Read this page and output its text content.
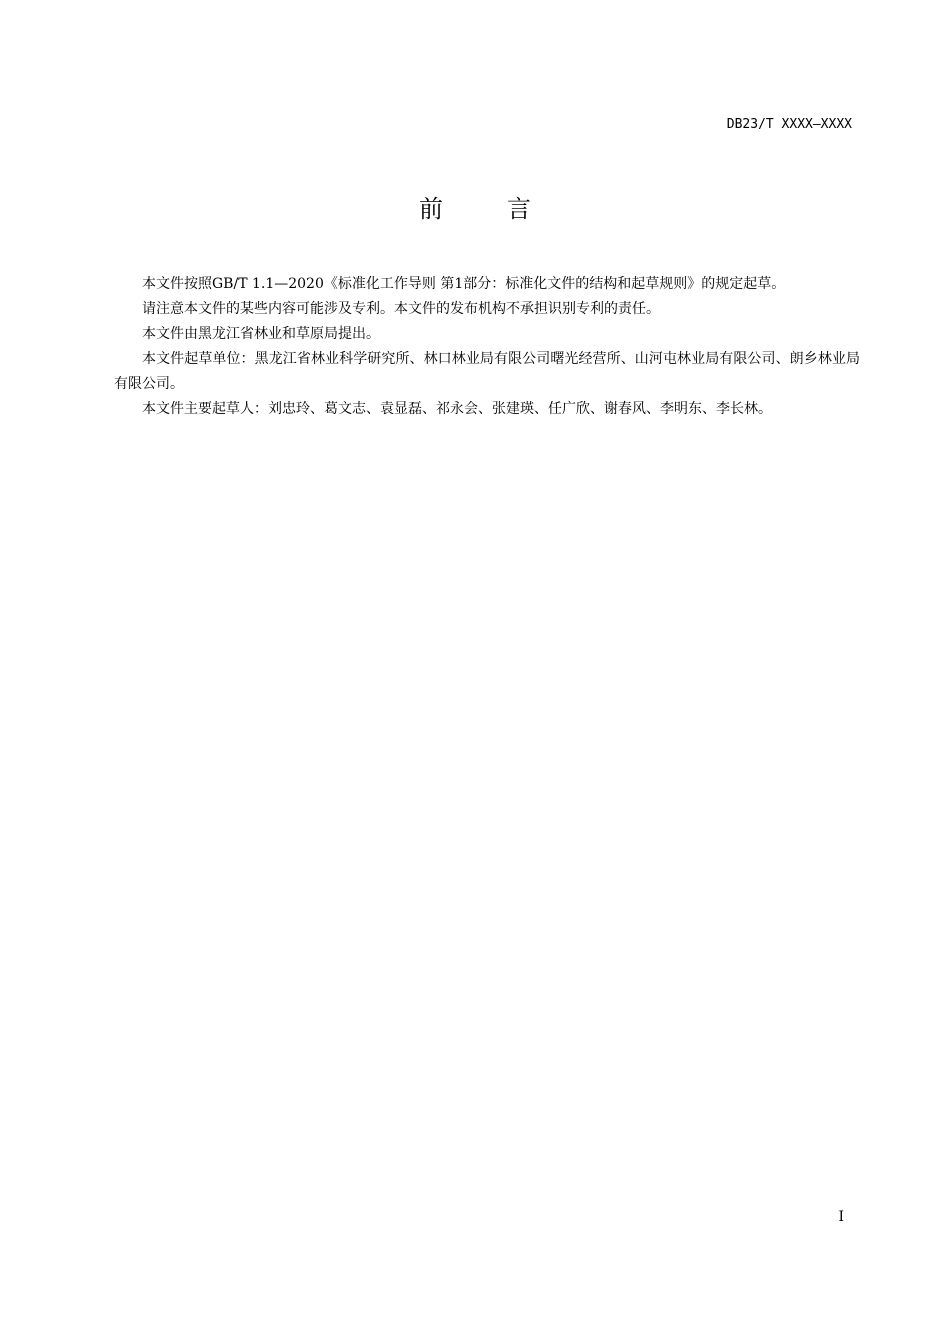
DB23/T XXXX—XXXX
前言

本文件按照GB/T 1.1—2020《标准化工作导则 第1部分：标准化文件的结构和起草规则》的规定起草。

请注意本文件的某些内容可能涉及专利。本文件的发布机构不承担识别专利的责任。

本文件由黑龙江省林业和草原局提出。

本文件起草单位：黑龙江省林业科学研究所、林口林业局有限公司曙光经营所、山河屯林业局有限公司、朗乡林业局有限公司。

本文件主要起草人：刘忠玲、葛文志、袁显磊、祁永会、张建瑛、任广欣、谢春风、李明东、李长林。

I
